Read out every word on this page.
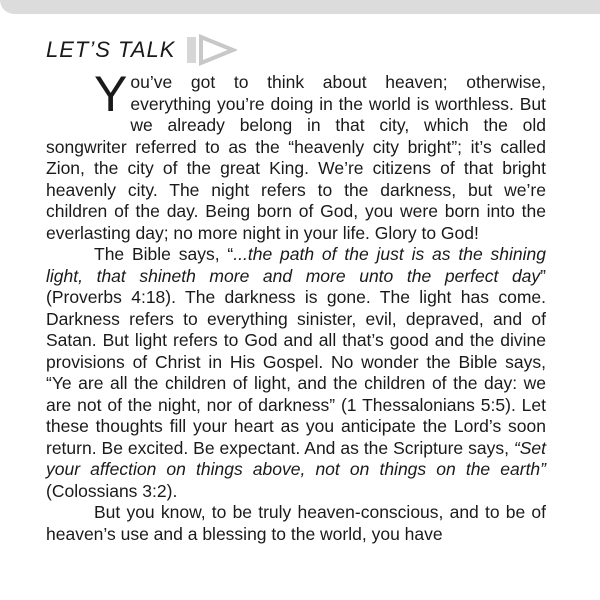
LET’S TALK

You’ve got to think about heaven; otherwise, everything you’re doing in the world is worthless. But we already belong in that city, which the old songwriter referred to as the “heavenly city bright”; it’s called Zion, the city of the great King. We’re citizens of that bright heavenly city. The night refers to the darkness, but we’re children of the day. Being born of God, you were born into the everlasting day; no more night in your life. Glory to God!

The Bible says, “...the path of the just is as the shining light, that shineth more and more unto the perfect day” (Proverbs 4:18). The darkness is gone. The light has come. Darkness refers to everything sinister, evil, depraved, and of Satan. But light refers to God and all that’s good and the divine provisions of Christ in His Gospel. No wonder the Bible says, “Ye are all the children of light, and the children of the day: we are not of the night, nor of darkness” (1 Thessalonians 5:5). Let these thoughts fill your heart as you anticipate the Lord’s soon return. Be excited. Be expectant. And as the Scripture says, “Set your affection on things above, not on things on the earth” (Colossians 3:2).

But you know, to be truly heaven-conscious, and to be of heaven’s use and a blessing to the world, you have
